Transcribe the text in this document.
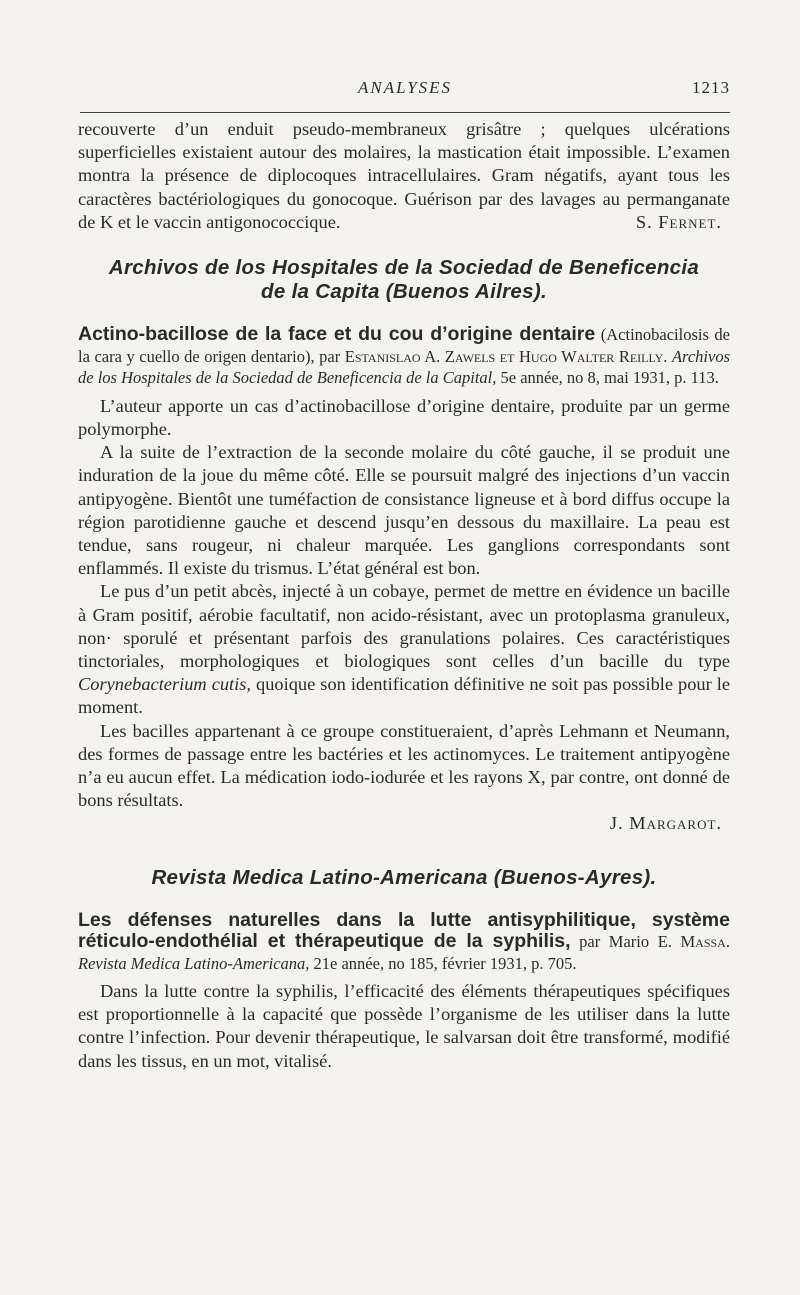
ANALYSES	1213

recouverte d’un enduit pseudo-membraneux grisâtre ; quelques ulcérations superficielles existaient autour des molaires, la mastication était impossible. L’examen montra la présence de diplocoques intracellulaires. Gram négatifs, ayant tous les caractères bactériologiques du gonocoque. Guérison par des lavages au permanganate de K et le vaccin antigonococcique.	S. Fernet.

Archivos de los Hospitales de la Sociedad de Beneficencia
de la Capita (Buenos Ailres).

Actino-bacillose de la face et du cou d’origine dentaire (Actinobacilosis de la cara y cuello de origen dentario), par Estanislao A. Zawels et Hugo Walter Reilly. Archivos de los Hospitales de la Sociedad de Beneficencia de la Capital, 5e année, no 8, mai 1931, p. 113.

L’auteur apporte un cas d’actinobacillose d’origine dentaire, produite par un germe polymorphe.

A la suite de l’extraction de la seconde molaire du côté gauche, il se produit une induration de la joue du même côté. Elle se poursuit malgré des injections d’un vaccin antipyogène. Bientôt une tuméfaction de consistance ligneuse et à bord diffus occupe la région parotidienne gauche et descend jusqu’en dessous du maxillaire. La peau est tendue, sans rougeur, ni chaleur marquée. Les ganglions correspondants sont enflammés. Il existe du trismus. L’état général est bon.

Le pus d’un petit abcès, injecté à un cobaye, permet de mettre en évidence un bacille à Gram positif, aérobie facultatif, non acido-résistant, avec un protoplasma granuleux, non· sporulé et présentant parfois des granulations polaires. Ces caractéristiques tinctoriales, morphologiques et biologiques sont celles d’un bacille du type Corynebacterium cutis, quoique son identification définitive ne soit pas possible pour le moment.

Les bacilles appartenant à ce groupe constitueraient, d’après Lehmann et Neumann, des formes de passage entre les bactéries et les actinomyces. Le traitement antipyogène n’a eu aucun effet. La médication iodo-iodurée et les rayons X, par contre, ont donné de bons résultats.

J. Margarot.

Revista Medica Latino-Americana (Buenos-Ayres).

Les défenses naturelles dans la lutte antisyphilitique, système réticulo-endothélial et thérapeutique de la syphilis, par Mario E. Massa. Revista Medica Latino-Americana, 21e année, no 185, février 1931, p. 705.

Dans la lutte contre la syphilis, l’efficacité des éléments thérapeutiques spécifiques est proportionnelle à la capacité que possède l’organisme de les utiliser dans la lutte contre l’infection. Pour devenir thérapeutique, le salvarsan doit être transformé, modifié dans les tissus, en un mot, vitalisé.
